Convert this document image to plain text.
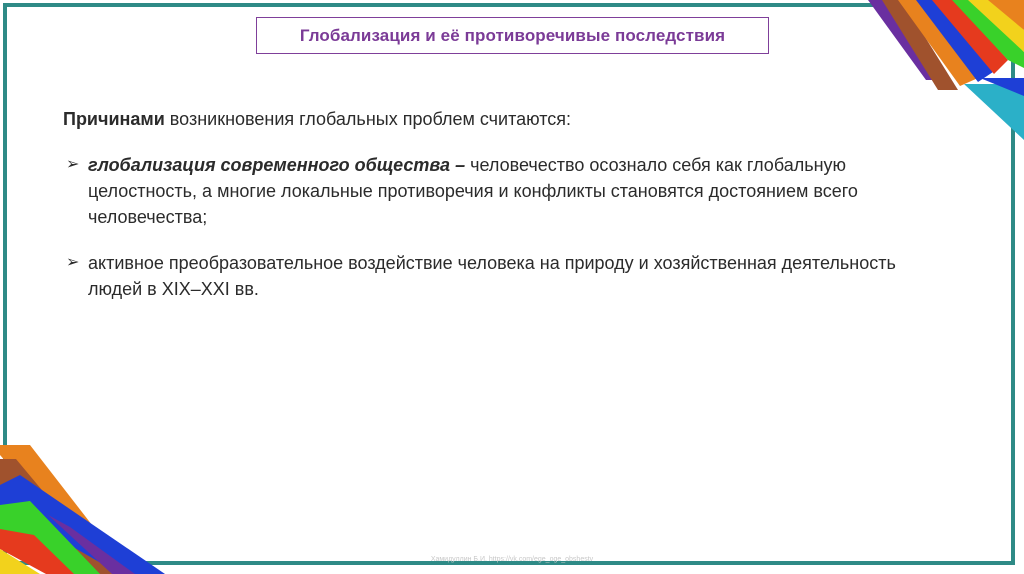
Глобализация и её противоречивые последствия

Причинами возникновения глобальных проблем считаются:

➢ глобализация современного общества – человечество осознало себя как глобальную целостность, а многие локальные противоречия и конфликты становятся достоянием всего человечества;

➢ активное преобразовательное воздействие человека на природу и хозяйственная деятельность людей в XIX–XXI вв.

Хамидуллин Б.И. https://vk.com/ege_oge_obshestv
